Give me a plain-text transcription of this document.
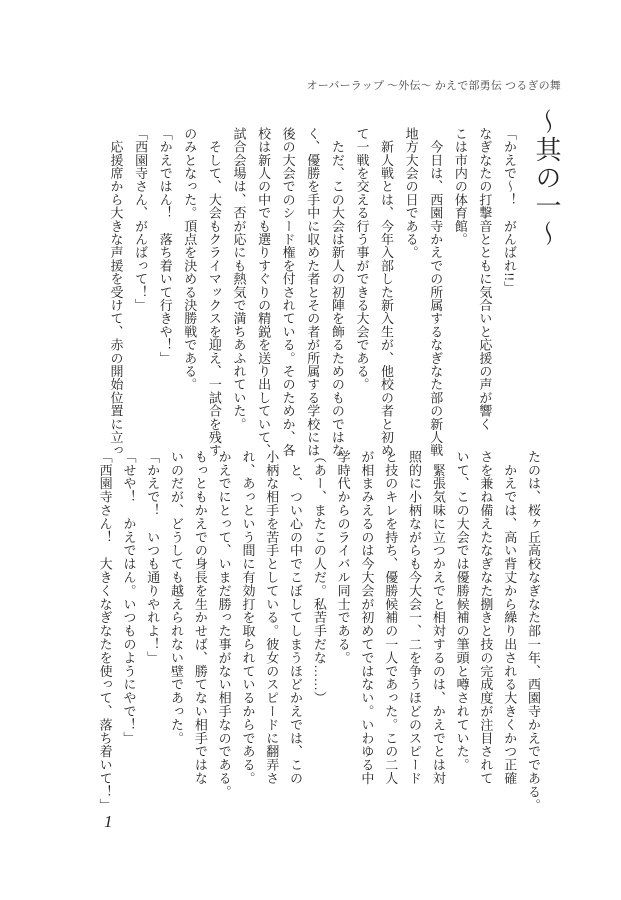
オーバーラップ ～外伝～ かえで部勇伝 つるぎの舞
～其の一～
「かえで～！　がんばれ!!」
なぎなたの打撃音とともに気合いと応援の声が響く
こは市内の体育館。
　今日は、西園寺かえでの所属するなぎなた部の新人戦
地方大会の日である。
　新人戦とは、今年入部した新入生が、他校の者と初め
て一戦を交える行う事ができる大会である。
　ただ、この大会は新人の初陣を飾るためのものではな
く、優勝を手中に収めた者とその者が所属する学校には
後の大会でのシード権を付されている。そのためか、各
校は新人の中でも選りすぐりの精鋭を送り出していて、
試合会場は、否が応にも熱気で満ちあふれていた。
　そして、大会もクライマックスを迎え、一試合を残す
のみとなった。頂点を決める決勝戦である。
「かえではん！　落ち着いて行きや！」
「西園寺さん、がんばって！」
　応援席から大きな声援を受けて、赤の開始位置に立っ
たのは、桜ヶ丘高校なぎなた部一年、西園寺かえでである。
　かえでは、高い背丈から繰り出される大きくかつ正確
さを兼ね備えたなぎなた捌きと技の完成度が注目されて
いて、この大会では優勝候補の筆頭と噂されていた。
　緊張気味に立つかえでと相対するのは、かえでとは対
照的に小柄ながらも今大会一、二を争うほどのスピード
と技のキレを持ち、優勝候補の一人であった。この二人
が相まみえるのは今大会が初めてではない。いわゆる中
学時代からのライバル同士である。
（あー、またこの人だ。私苦手だな……）
　と、つい心の中でこぼしてしまうほどかえでは、この
小柄な相手を苦手としている。彼女のスピードに翻弄さ
れ、あっという間に有効打を取られているからである。
かえでにとって、いまだ勝った事がない相手なのである。
もっともかえでの身長を生かせば、勝てない相手ではな
いのだが、どうしても越えられない壁であった。
「かえで！　いつも通りやれよ！」
「せや！　かえではん。いつものようにやで！」
「西園寺さん！　大きくなぎなたを使って、落ち着いて！」
1
